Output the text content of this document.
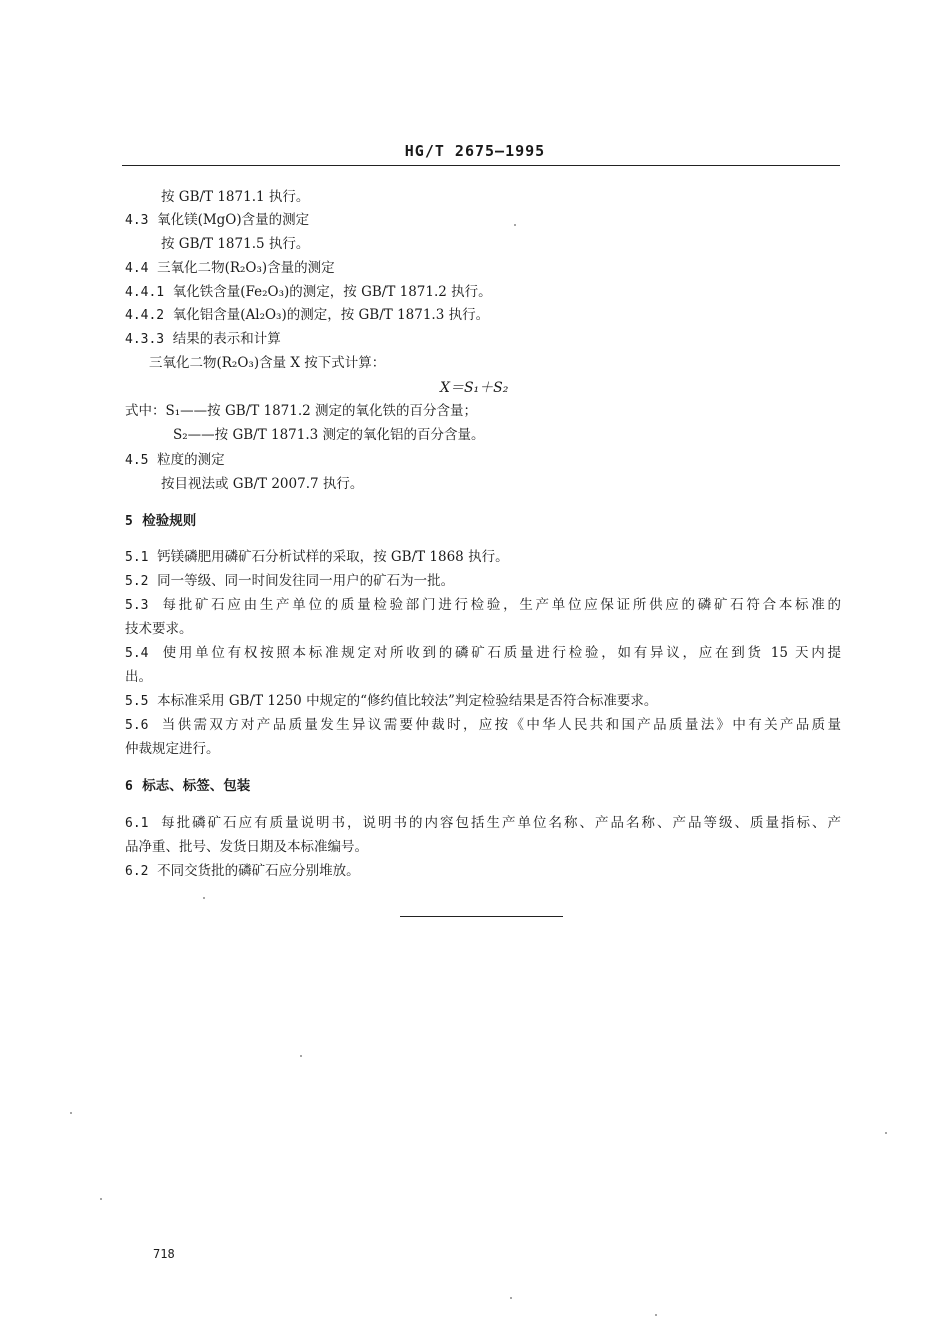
HG/T 2675—1995
按 GB/T 1871.1 执行。
4.3 氧化镁(MgO)含量的测定
按 GB/T 1871.5 执行。
4.4 三氧化二物(R₂O₃)含量的测定
4.4.1 氧化铁含量(Fe₂O₃)的测定，按 GB/T 1871.2 执行。
4.4.2 氧化铝含量(Al₂O₃)的测定，按 GB/T 1871.3 执行。
4.3.3 结果的表示和计算
三氧化二物(R₂O₃)含量 X 按下式计算：
X＝S₁＋S₂
式中：S₁——按 GB/T 1871.2 测定的氧化铁的百分含量；
S₂——按 GB/T 1871.3 测定的氧化铝的百分含量。
4.5 粒度的测定
按目视法或 GB/T 2007.7 执行。
5 检验规则
5.1 钙镁磷肥用磷矿石分析试样的采取，按 GB/T 1868 执行。
5.2 同一等级、同一时间发往同一用户的矿石为一批。
5.3 每批矿石应由生产单位的质量检验部门进行检验，生产单位应保证所供应的磷矿石符合本标准的
技术要求。
5.4 使用单位有权按照本标准规定对所收到的磷矿石质量进行检验，如有异议，应在到货 15 天内提
出。
5.5 本标准采用 GB/T 1250 中规定的“修约值比较法”判定检验结果是否符合标准要求。
5.6 当供需双方对产品质量发生异议需要仲裁时，应按《中华人民共和国产品质量法》中有关产品质量
仲裁规定进行。
6 标志、标签、包装
6.1 每批磷矿石应有质量说明书，说明书的内容包括生产单位名称、产品名称、产品等级、质量指标、产
品净重、批号、发货日期及本标准编号。
6.2 不同交货批的磷矿石应分别堆放。
718
